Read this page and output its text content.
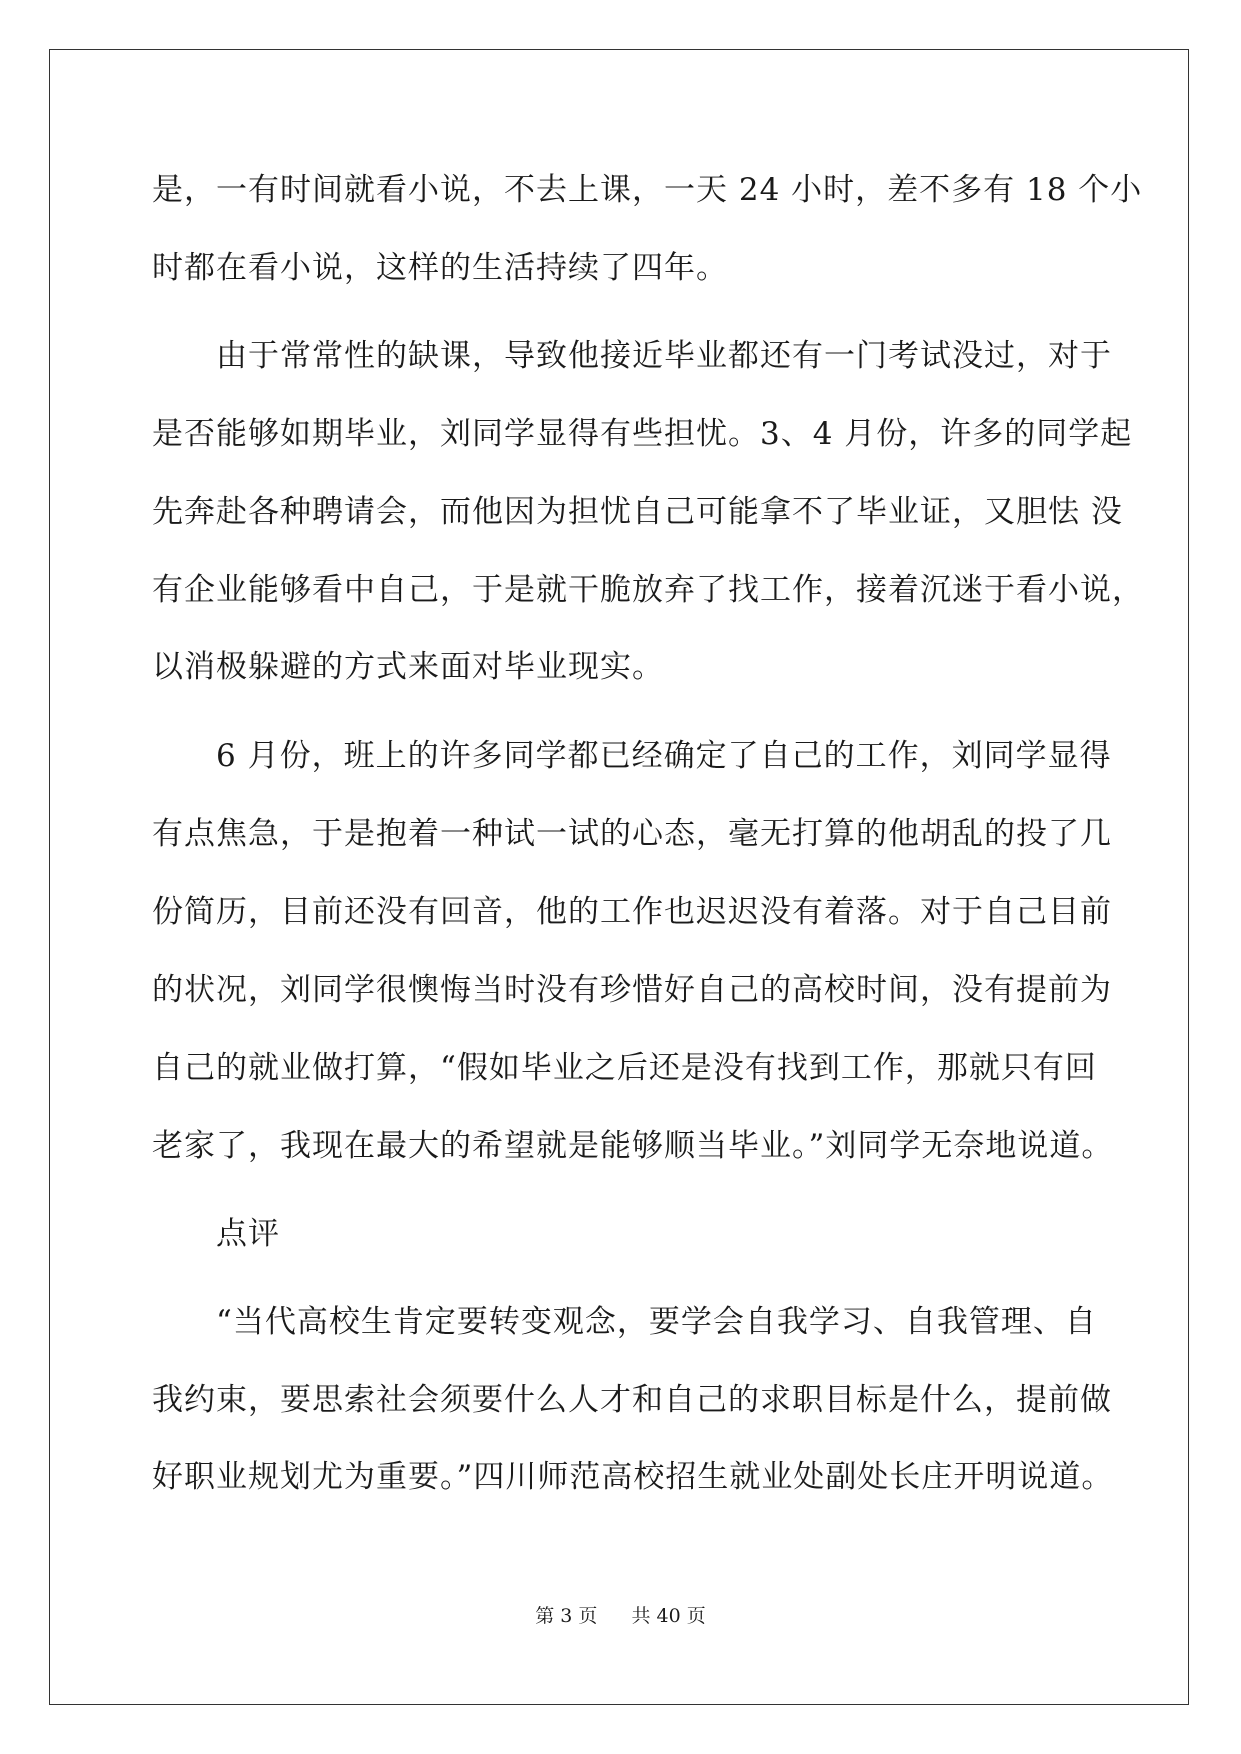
是，一有时间就看小说，不去上课，一天 24 小时，差不多有 18 个小
时都在看小说，这样的生活持续了四年。
　　由于常常性的缺课，导致他接近毕业都还有一门考试没过，对于
是否能够如期毕业，刘同学显得有些担忧。3、4 月份，许多的同学起
先奔赴各种聘请会，而他因为担忧自己可能拿不了毕业证，又胆怯 没
有企业能够看中自己，于是就干脆放弃了找工作，接着沉迷于看小说，
以消极躲避的方式来面对毕业现实。
　　6 月份，班上的许多同学都已经确定了自己的工作，刘同学显得
有点焦急，于是抱着一种试一试的心态，毫无打算的他胡乱的投了几
份简历，目前还没有回音，他的工作也迟迟没有着落。对于自己目前
的状况，刘同学很懊悔当时没有珍惜好自己的高校时间，没有提前为
自己的就业做打算，“假如毕业之后还是没有找到工作，那就只有回
老家了，我现在最大的希望就是能够顺当毕业。”刘同学无奈地说道。
　　点评
　　“当代高校生肯定要转变观念，要学会自我学习、自我管理、自
我约束，要思索社会须要什么人才和自己的求职目标是什么，提前做
好职业规划尤为重要。”四川师范高校招生就业处副处长庄开明说道。
第 3 页 共 40 页
